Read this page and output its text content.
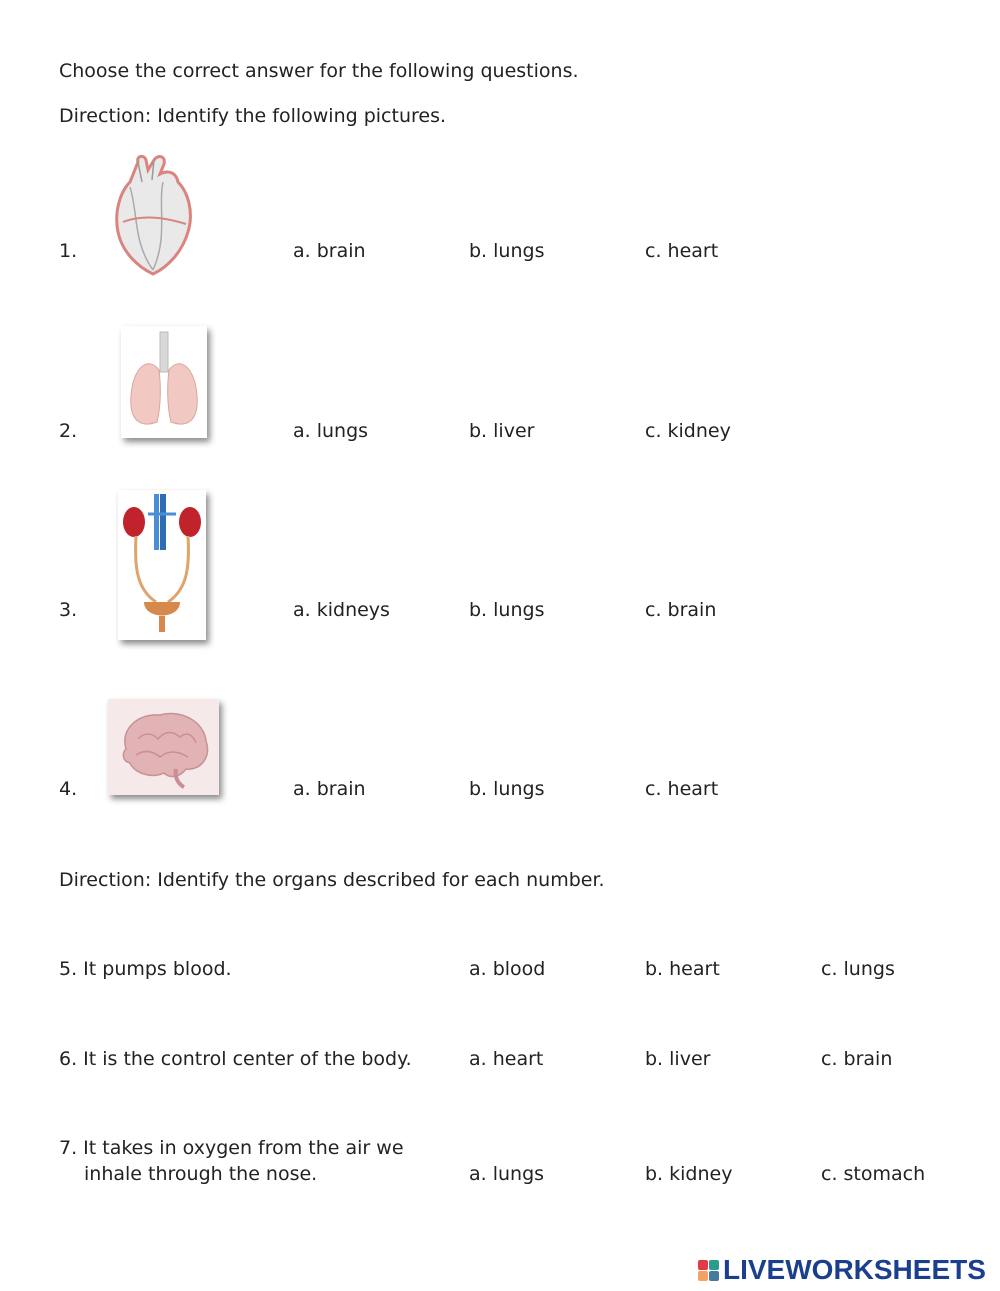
Choose the correct answer for the following questions.
Direction: Identify the following pictures.
1.	a. brain	b. lungs	c. heart
2.	a. lungs	b. liver	c. kidney
3.	a. kidneys	b. lungs	c. brain
4.	a. brain	b. lungs	c. heart
Direction: Identify the organs described for each number.
5. It pumps blood.	a. blood	b. heart	c. lungs
6. It is the control center of the body.	a. heart	b. liver	c. brain
7. It takes in oxygen from the air we
inhale through the nose.	a. lungs	b. kidney	c. stomach
LIVEWORKSHEETS
